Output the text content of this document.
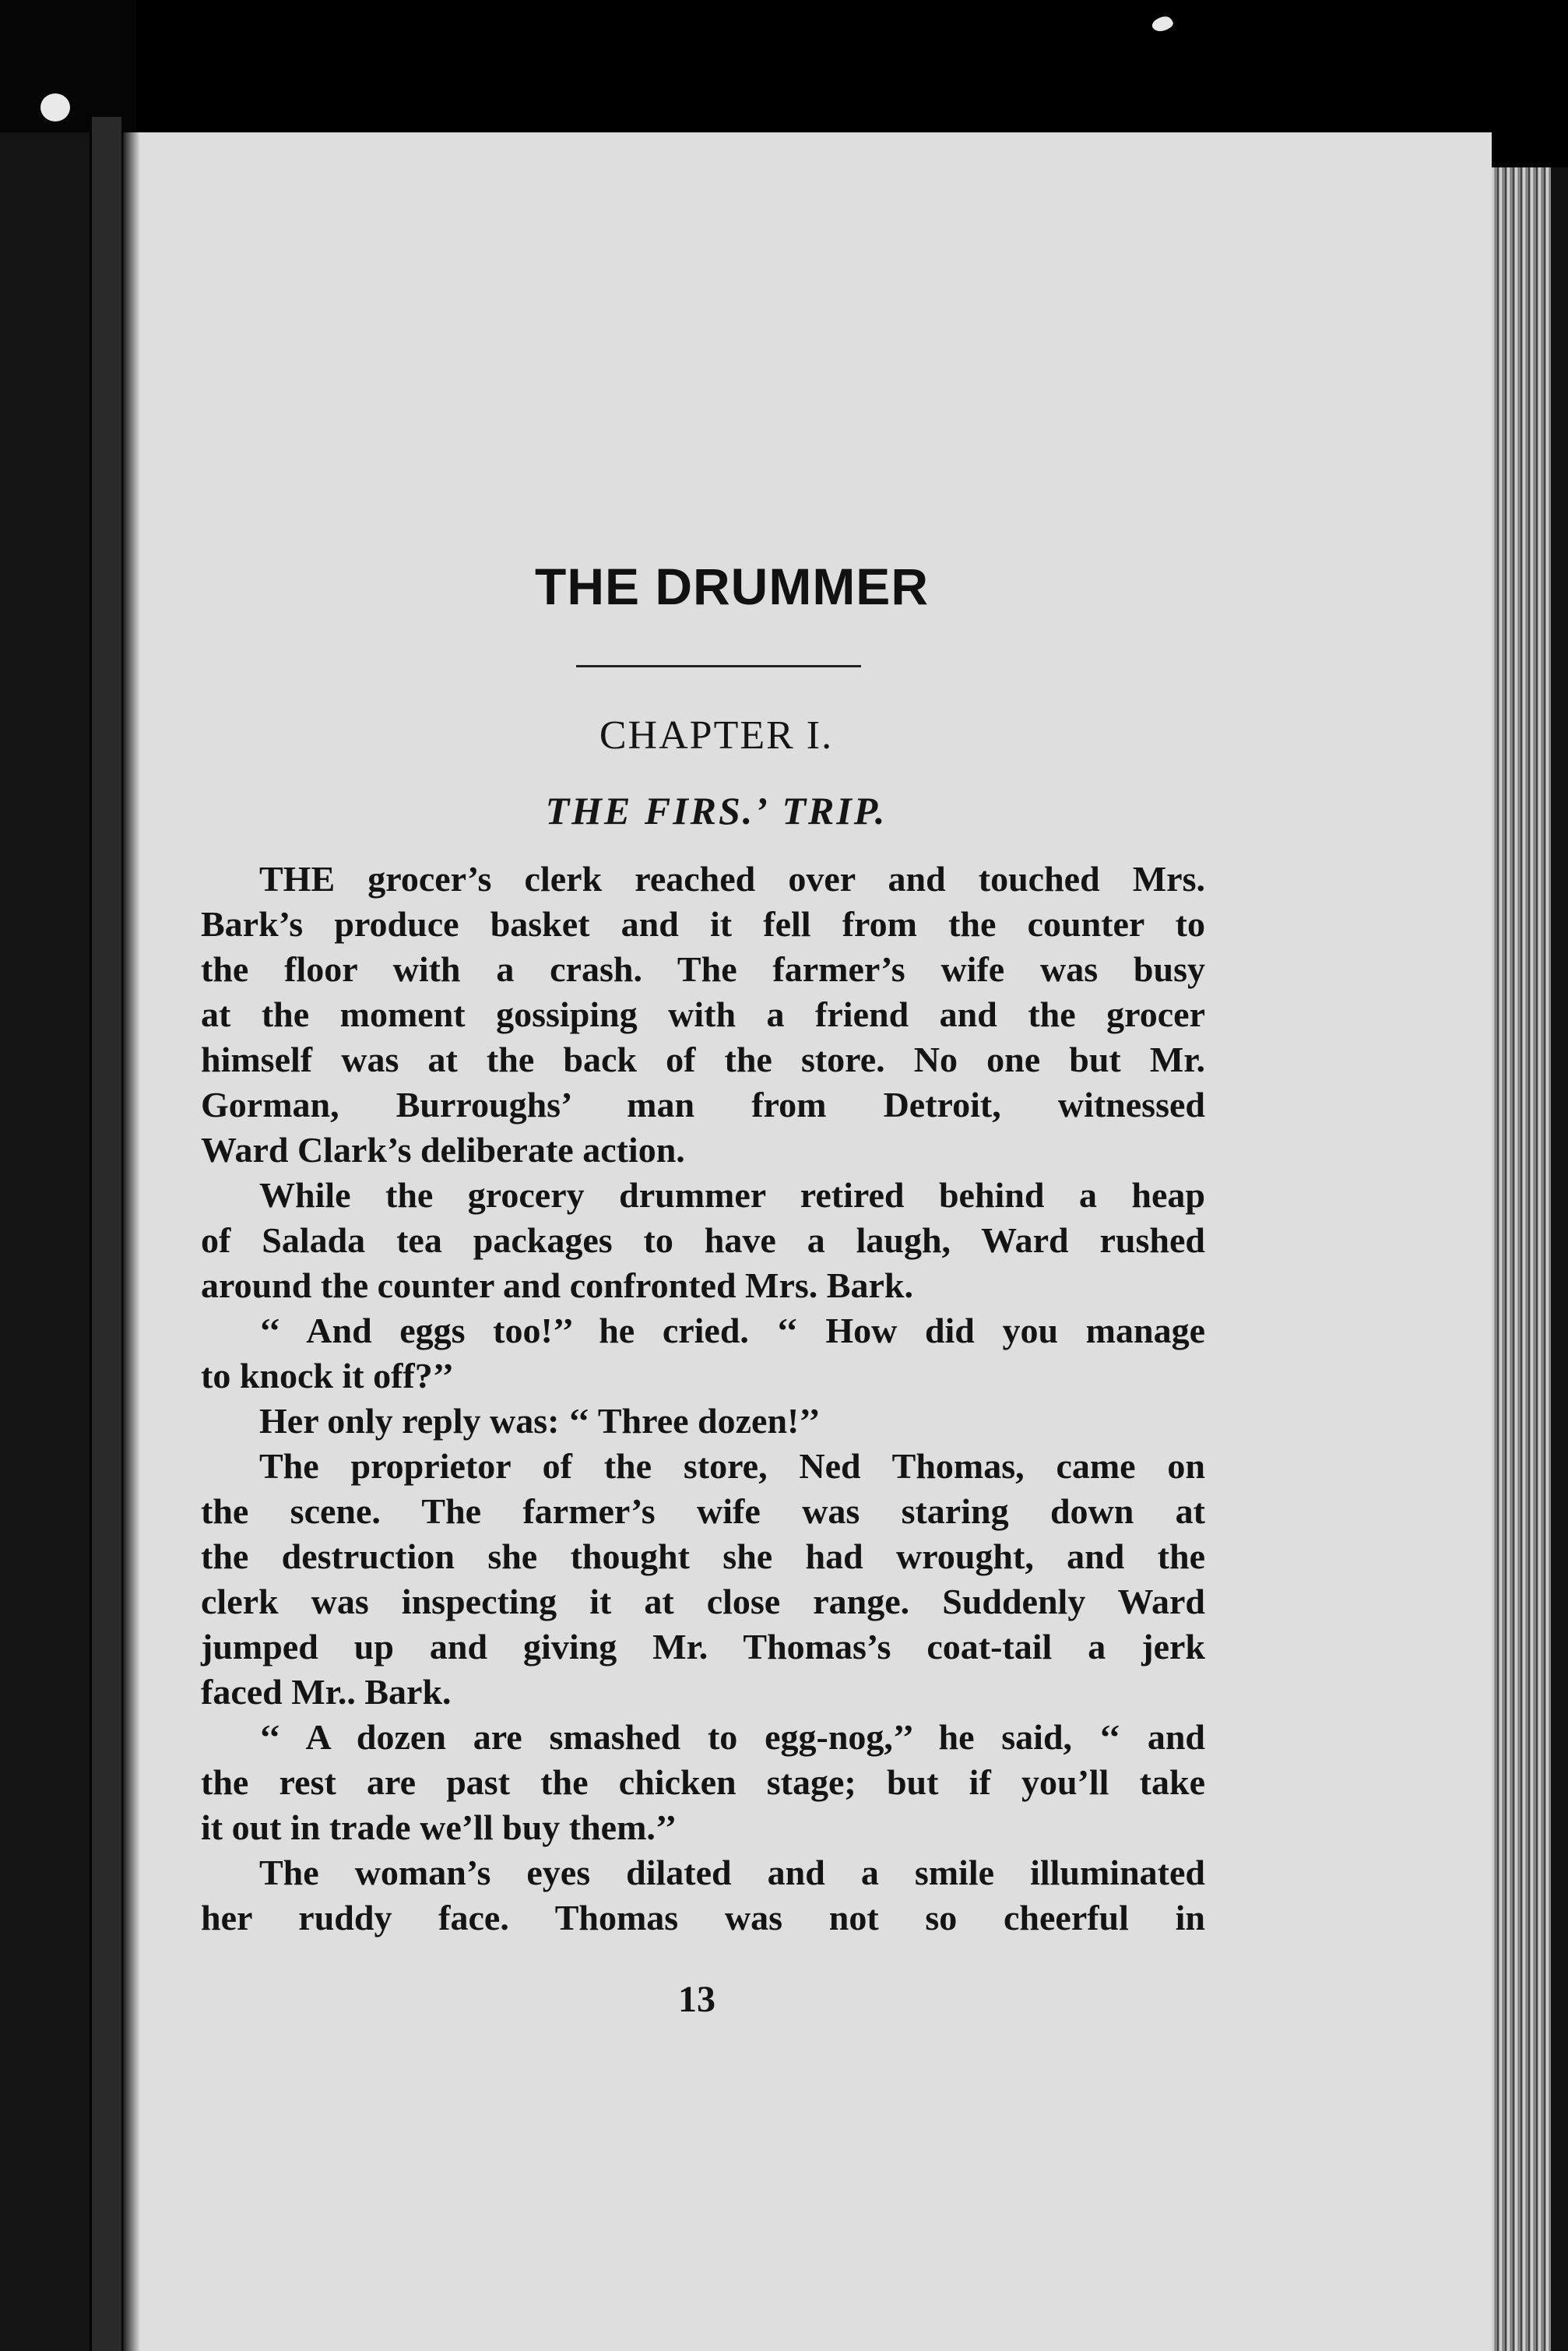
THE DRUMMER
CHAPTER I.
THE FIRS.ʼ TRIP.

THE grocer’s clerk reached over and touched Mrs.
Bark’s produce basket and it fell from the counter to
the floor with a crash. The farmer’s wife was busy
at the moment gossiping with a friend and the grocer
himself was at the back of the store. No one but Mr.
Gorman, Burroughs’ man from Detroit, witnessed
Ward Clark’s deliberate action.

While the grocery drummer retired behind a heap
of Salada tea packages to have a laugh, Ward rushed
around the counter and confronted Mrs. Bark.

‘‘ And eggs too!’’ he cried. ‘‘ How did you manage
to knock it off?’’

Her only reply was: ‘‘ Three dozen!’’

The proprietor of the store, Ned Thomas, came on
the scene. The farmer’s wife was staring down at
the destruction she thought she had wrought, and the
clerk was inspecting it at close range. Suddenly Ward
jumped up and giving Mr. Thomas’s coat-tail a jerk
faced Mr.. Bark.

‘‘ A dozen are smashed to egg-nog,’’ he said, ‘‘ and
the rest are past the chicken stage; but if you’ll take
it out in trade we’ll buy them.’’

The woman’s eyes dilated and a smile illuminated
her ruddy face. Thomas was not so cheerful in

13
